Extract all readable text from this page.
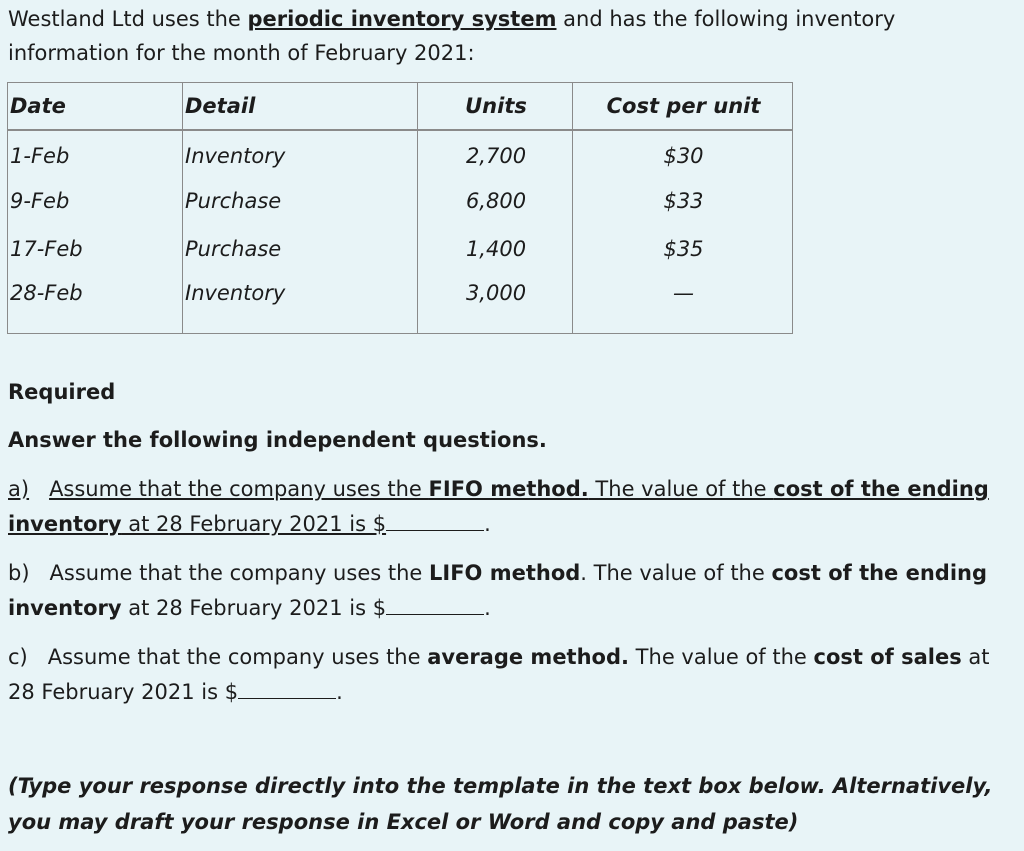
Westland Ltd uses the periodic inventory system and has the following inventory information for the month of February 2021:
Date	Detail	Units	Cost per unit
1-Feb	Inventory	2,700	$30
9-Feb	Purchase	6,800	$33
17-Feb	Purchase	1,400	$35
28-Feb	Inventory	3,000	—
Required
Answer the following independent questions.
a) Assume that the company uses the FIFO method. The value of the cost of the ending inventory at 28 February 2021 is $	.
b) Assume that the company uses the LIFO method. The value of the cost of the ending inventory at 28 February 2021 is $	.
c) Assume that the company uses the average method. The value of the cost of sales at 28 February 2021 is $	.
(Type your response directly into the template in the text box below. Alternatively, you may draft your response in Excel or Word and copy and paste)
